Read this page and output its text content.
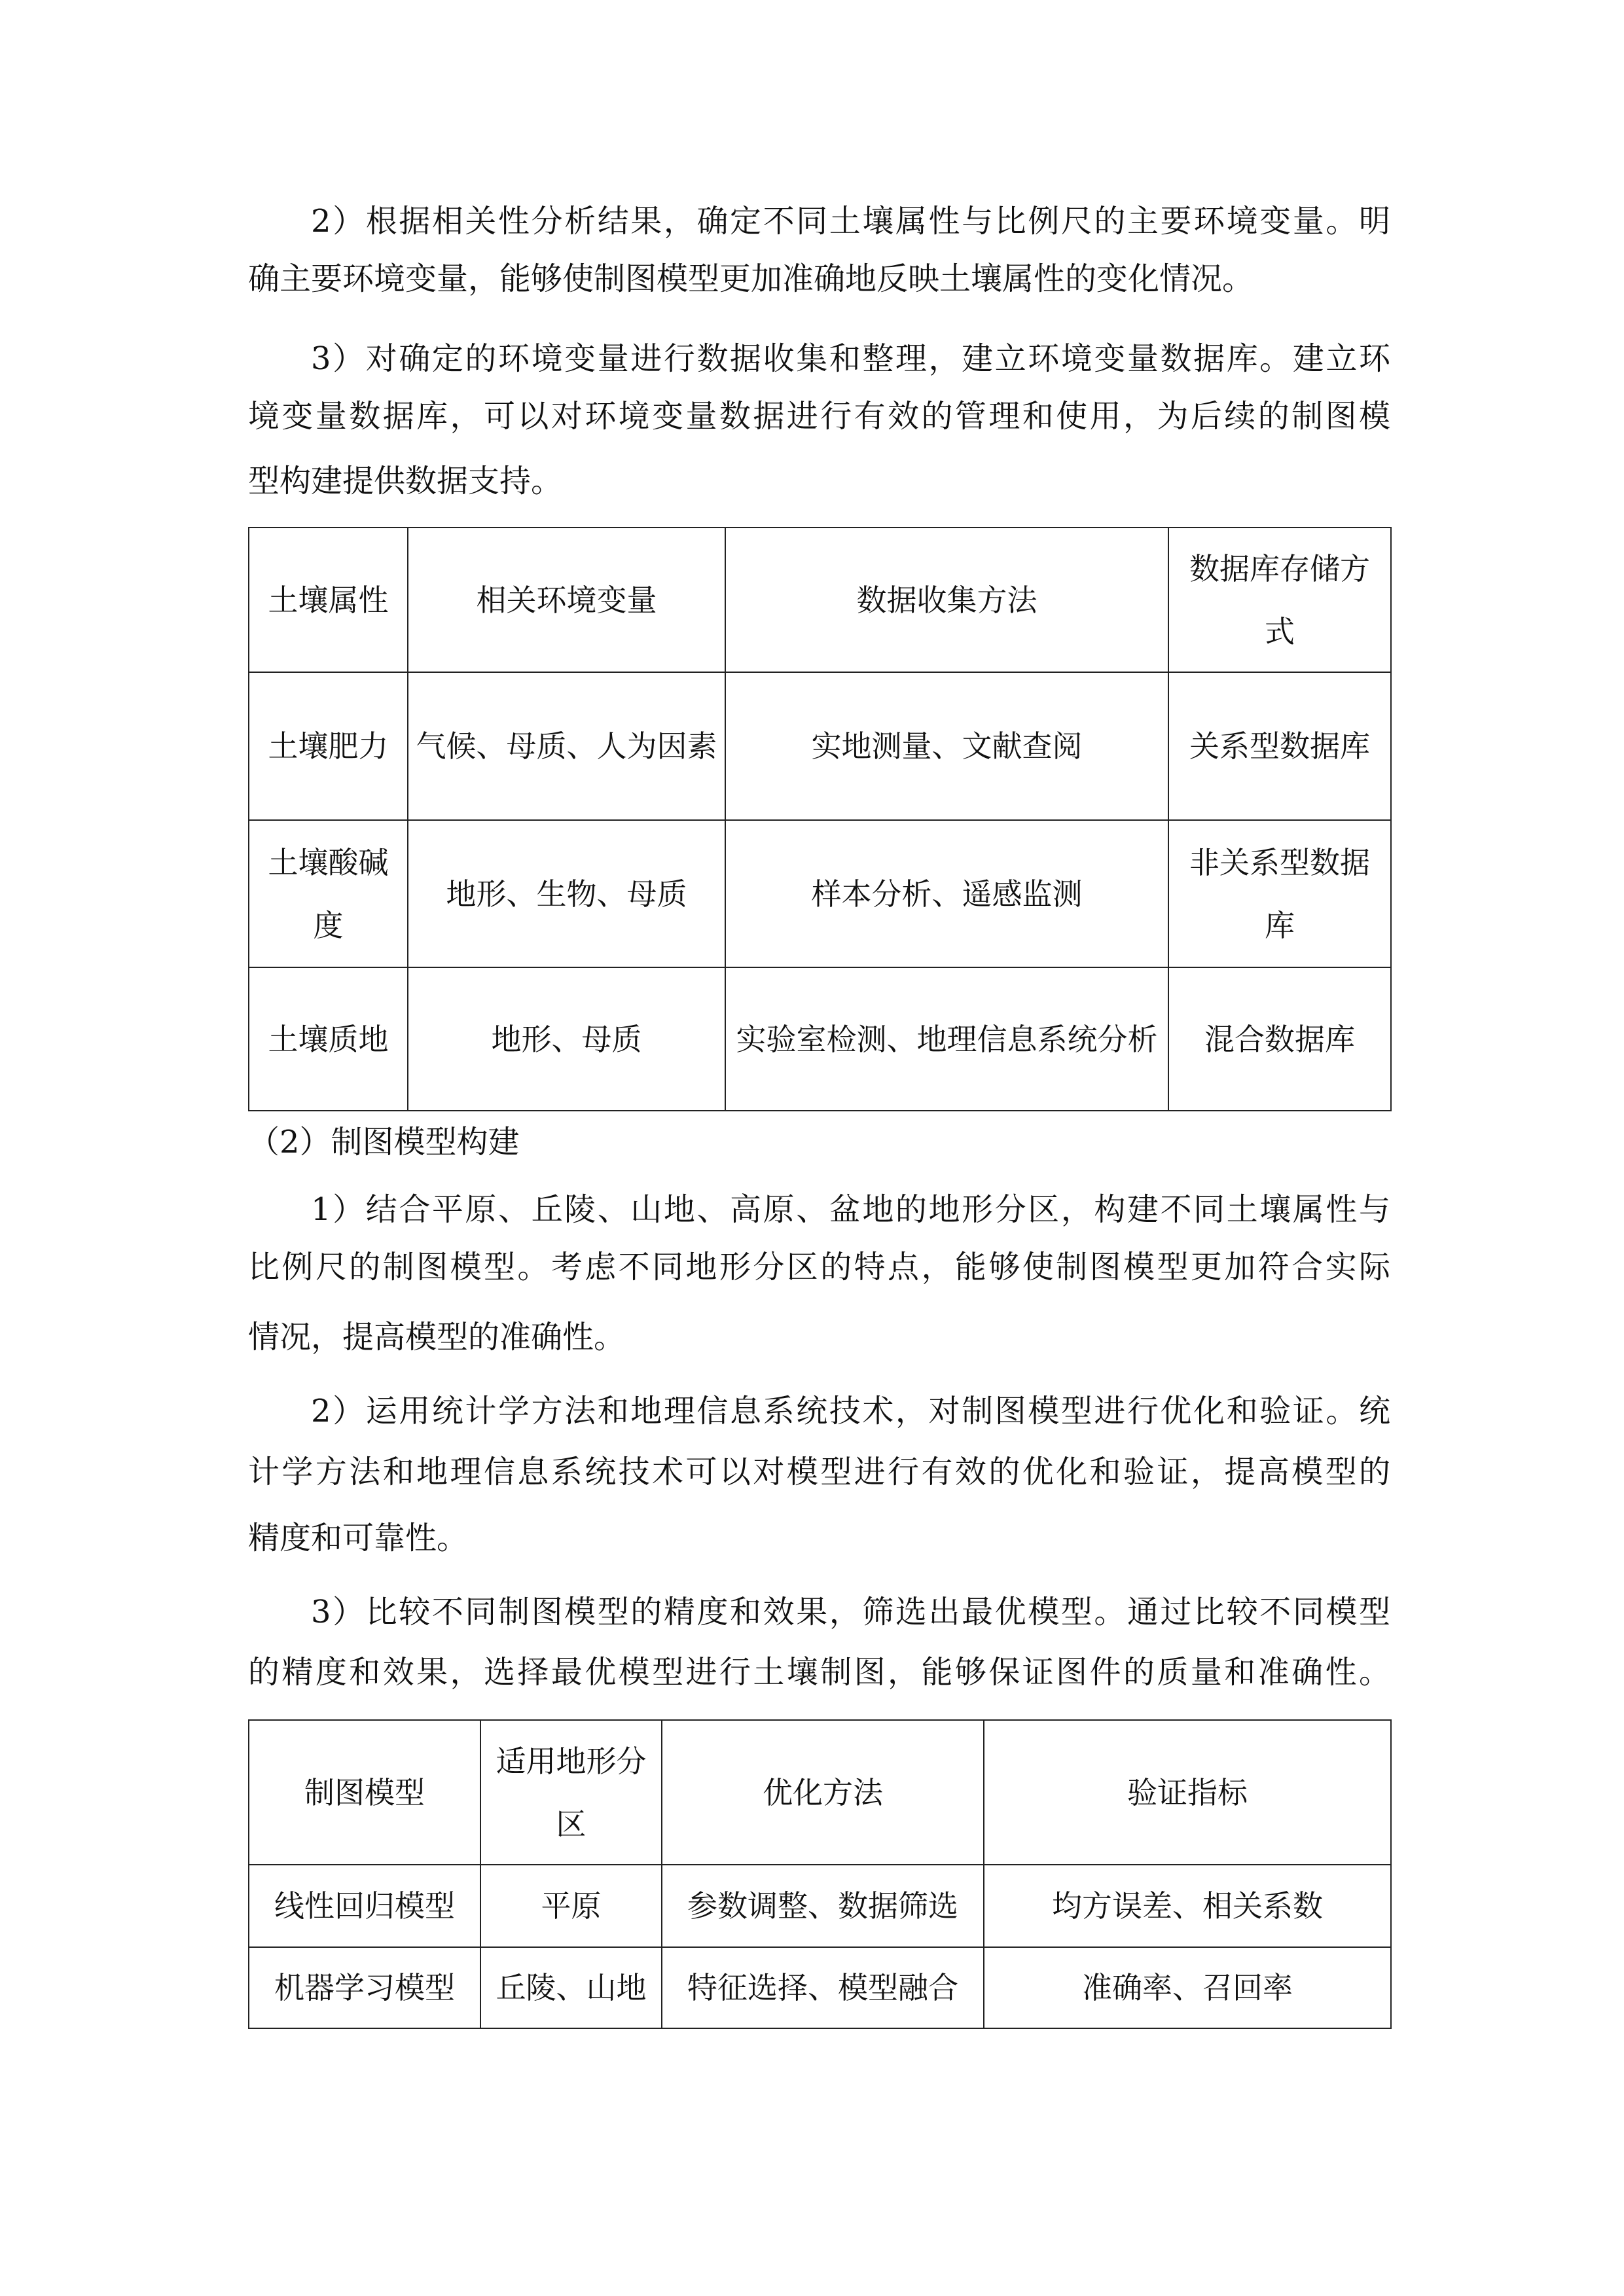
2）根据相关性分析结果，确定不同土壤属性与比例尺的主要环境变量。明
确主要环境变量，能够使制图模型更加准确地反映土壤属性的变化情况。
3）对确定的环境变量进行数据收集和整理，建立环境变量数据库。建立环
境变量数据库，可以对环境变量数据进行有效的管理和使用，为后续的制图模
型构建提供数据支持。
土壤属性	相关环境变量	数据收集方法	数据库存储方式
土壤肥力	气候、母质、人为因素	实地测量、文献查阅	关系型数据库
土壤酸碱度	地形、生物、母质	样本分析、遥感监测	非关系型数据库
土壤质地	地形、母质	实验室检测、地理信息系统分析	混合数据库
（2）制图模型构建
1）结合平原、丘陵、山地、高原、盆地的地形分区，构建不同土壤属性与
比例尺的制图模型。考虑不同地形分区的特点，能够使制图模型更加符合实际
情况，提高模型的准确性。
2）运用统计学方法和地理信息系统技术，对制图模型进行优化和验证。统
计学方法和地理信息系统技术可以对模型进行有效的优化和验证，提高模型的
精度和可靠性。
3）比较不同制图模型的精度和效果，筛选出最优模型。通过比较不同模型
的精度和效果，选择最优模型进行土壤制图，能够保证图件的质量和准确性。
制图模型	适用地形分区	优化方法	验证指标
线性回归模型	平原	参数调整、数据筛选	均方误差、相关系数
机器学习模型	丘陵、山地	特征选择、模型融合	准确率、召回率
